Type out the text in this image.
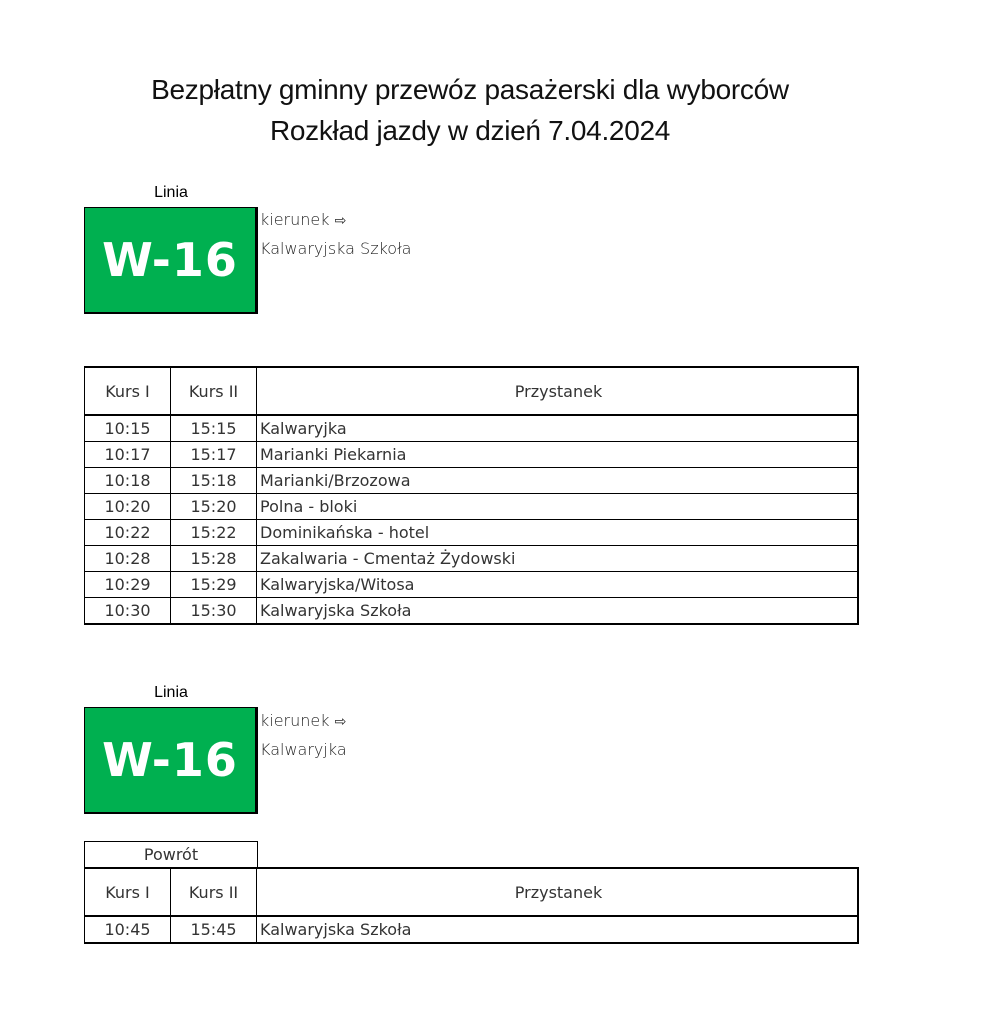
Bezpłatny gminny przewóz pasażerski dla wyborców
Rozkład jazdy w dzień 7.04.2024
Linia
W-16
kierunek ⇨
Kalwaryjska Szkoła
Kurs I	Kurs II	Przystanek
10:15	15:15	Kalwaryjka
10:17	15:17	Marianki Piekarnia
10:18	15:18	Marianki/Brzozowa
10:20	15:20	Polna - bloki
10:22	15:22	Dominikańska - hotel
10:28	15:28	Zakalwaria - Cmentaż Żydowski
10:29	15:29	Kalwaryjska/Witosa
10:30	15:30	Kalwaryjska Szkoła
Linia
W-16
kierunek ⇨
Kalwaryjka
Powrót
Kurs I	Kurs II	Przystanek
10:45	15:45	Kalwaryjska Szkoła
